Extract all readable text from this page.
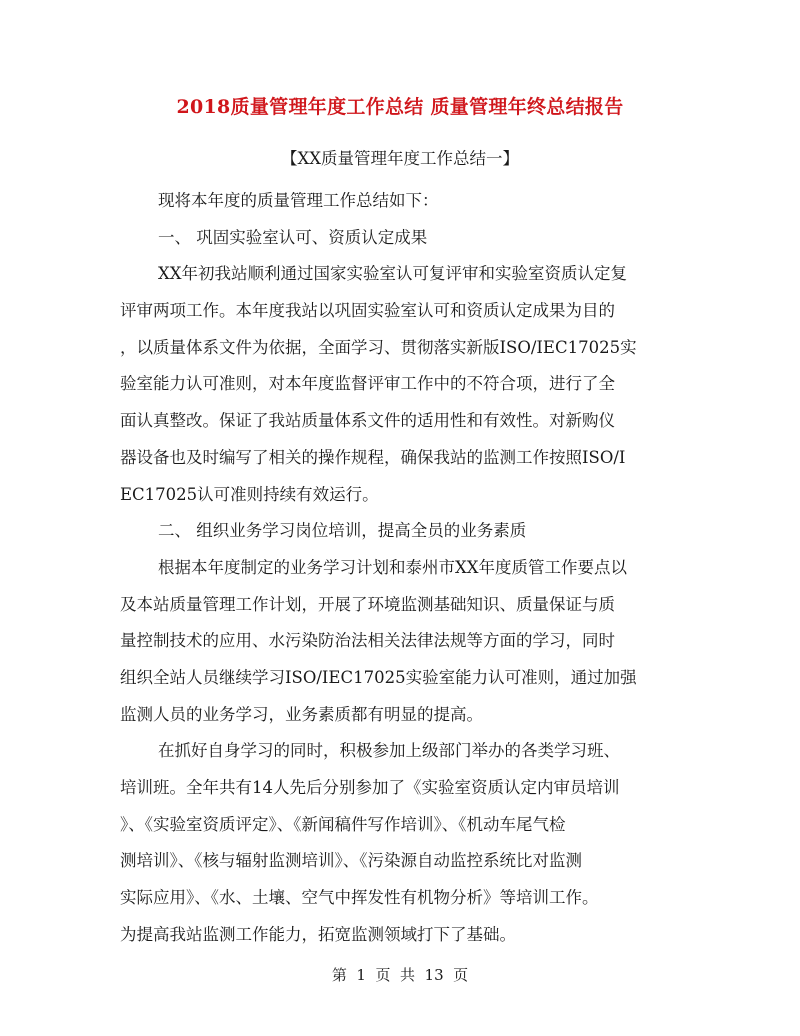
2018质量管理年度工作总结 质量管理年终总结报告
【XX质量管理年度工作总结一】
现将本年度的质量管理工作总结如下：
一、 巩固实验室认可、资质认定成果
XX年初我站顺利通过国家实验室认可复评审和实验室资质认定复
评审两项工作。本年度我站以巩固实验室认可和资质认定成果为目的
，以质量体系文件为依据，全面学习、贯彻落实新版ISO/IEC17025实
验室能力认可准则，对本年度监督评审工作中的不符合项，进行了全
面认真整改。保证了我站质量体系文件的适用性和有效性。对新购仪
器设备也及时编写了相关的操作规程，确保我站的监测工作按照ISO/I
EC17025认可准则持续有效运行。
二、 组织业务学习岗位培训，提高全员的业务素质
根据本年度制定的业务学习计划和泰州市XX年度质管工作要点以
及本站质量管理工作计划，开展了环境监测基础知识、质量保证与质
量控制技术的应用、水污染防治法相关法律法规等方面的学习，同时
组织全站人员继续学习ISO/IEC17025实验室能力认可准则，通过加强
监测人员的业务学习，业务素质都有明显的提高。
在抓好自身学习的同时，积极参加上级部门举办的各类学习班、
培训班。全年共有14人先后分别参加了《实验室资质认定内审员培训
》、《实验室资质评定》、《新闻稿件写作培训》、《机动车尾气检
测培训》、《核与辐射监测培训》、《污染源自动监控系统比对监测
实际应用》、《水、土壤、空气中挥发性有机物分析》等培训工作。
为提高我站监测工作能力，拓宽监测领域打下了基础。
第  1  页  共  13  页
